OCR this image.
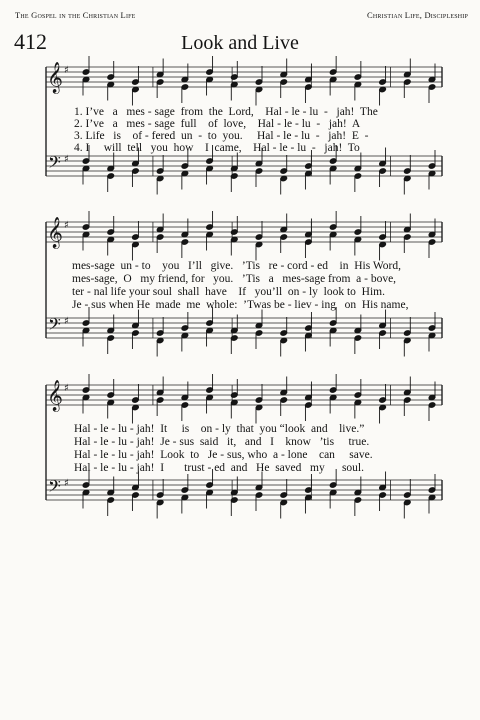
The Gospel in the Christian Life	Christian Life, Discipleship
412	Look and Live
𝄞 ♯
𝄢 ♯
𝄞 ♯
𝄢 ♯
𝄞 ♯
𝄢 ♯
1. I’ve   a   mes - sage  from  the  Lord,    Hal - le - lu  -   jah!  The
2. I’ve   a   mes - sage  full    of  love,    Hal - le - lu  -   jah!  A
3. Life   is    of - fered  un  -  to  you.     Hal - le - lu  -   jah!  E  -
4. I     will  tell   you  how    I  came,    Hal - le - lu  -   jah!  To
mes-sage  un - to    you   I’ll   give.   ’Tis   re - cord - ed    in  His Word,
mes-sage,  O   my friend, for   you.   ’Tis   a   mes-sage from  a - bove,
ter - nal life your soul  shall  have    If   you’ll  on - ly  look to  Him.
Je - sus when He  made  me  whole:  ’Twas be - liev - ing   on  His name,
Hal - le - lu - jah!  It     is    on - ly  that  you “look  and    live.”
Hal - le - lu - jah!  Je - sus  said   it,   and   I    know   ’tis     true.
Hal - le - lu - jah!  Look  to   Je - sus, who  a - lone    can     save.
Hal - le - lu - jah!  I       trust - ed  and   He  saved   my      soul.
